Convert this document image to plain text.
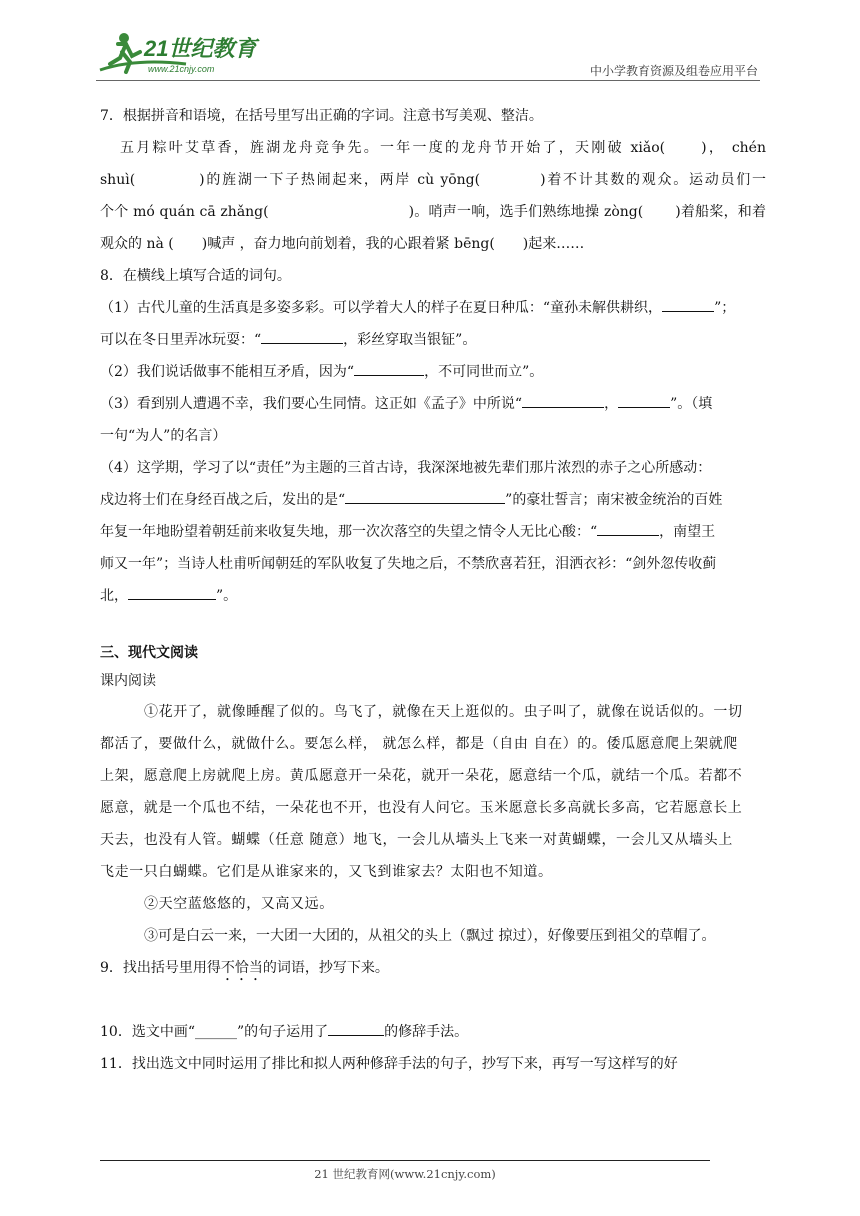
21世纪教育
www.21cnjy.com	中小学教育资源及组卷应用平台
7．根据拼音和语境，在括号里写出正确的字词。注意书写美观、整洁。
五月粽叶艾草香，旌湖龙舟竞争先。一年一度的龙舟节开始了，天刚破 xiǎo(	)， chén
shuì(	)的旌湖一下子热闹起来，两岸 cù yōng(	)着不计其数的观众。运动员们一
个个 mó quán cā zhǎng(	)。哨声一响，选手们熟练地操 zòng( )着船桨，和着
观众的 nà ( )喊声 ，奋力地向前划着，我的心跟着紧 bēng( )起来……
8．在横线上填写合适的词句。
（1）古代儿童的生活真是多姿多彩。可以学着大人的样子在夏日种瓜：“童孙未解供耕织，	”；
可以在冬日里弄冰玩耍：“	，彩丝穿取当银钲”。
（2）我们说话做事不能相互矛盾，因为“	，不可同世而立”。
（3）看到别人遭遇不幸，我们要心生同情。这正如《孟子》中所说“	，	”。（填
一句“为人”的名言）
（4）这学期，学习了以“责任”为主题的三首古诗，我深深地被先辈们那片浓烈的赤子之心所感动：
戍边将士们在身经百战之后，发出的是“	”的豪壮誓言；南宋被金统治的百姓
年复一年地盼望着朝廷前来收复失地，那一次次落空的失望之情令人无比心酸：“	，南望王
师又一年”；当诗人杜甫听闻朝廷的军队收复了失地之后，不禁欣喜若狂，泪洒衣衫：“剑外忽传收蓟
北，	”。
三、现代文阅读
课内阅读
①花开了，就像睡醒了似的。鸟飞了，就像在天上逛似的。虫子叫了，就像在说话似的。一切
都活了，要做什么，就做什么。要怎么样， 就怎么样，都是（自由 自在）的。倭瓜愿意爬上架就爬
上架，愿意爬上房就爬上房。黄瓜愿意开一朵花，就开一朵花，愿意结一个瓜，就结一个瓜。若都不
愿意，就是一个瓜也不结，一朵花也不开，也没有人问它。玉米愿意长多高就长多高，它若愿意长上
天去，也没有人管。蝴蝶（任意 随意）地飞，一会儿从墙头上飞来一对黄蝴蝶，一会儿又从墙头上
飞走一只白蝴蝶。它们是从谁家来的，又飞到谁家去？太阳也不知道。
②天空蓝悠悠的，又高又远。
③可是白云一来，一大团一大团的，从祖父的头上（飘过 掠过），好像要压到祖父的草帽了。
9．找出括号里用得不恰当的词语，抄写下来。
10．选文中画“______”的句子运用了	的修辞手法。
11．找出选文中同时运用了排比和拟人两种修辞手法的句子，抄写下来，再写一写这样写的好
21 世纪教育网(www.21cnjy.com)
